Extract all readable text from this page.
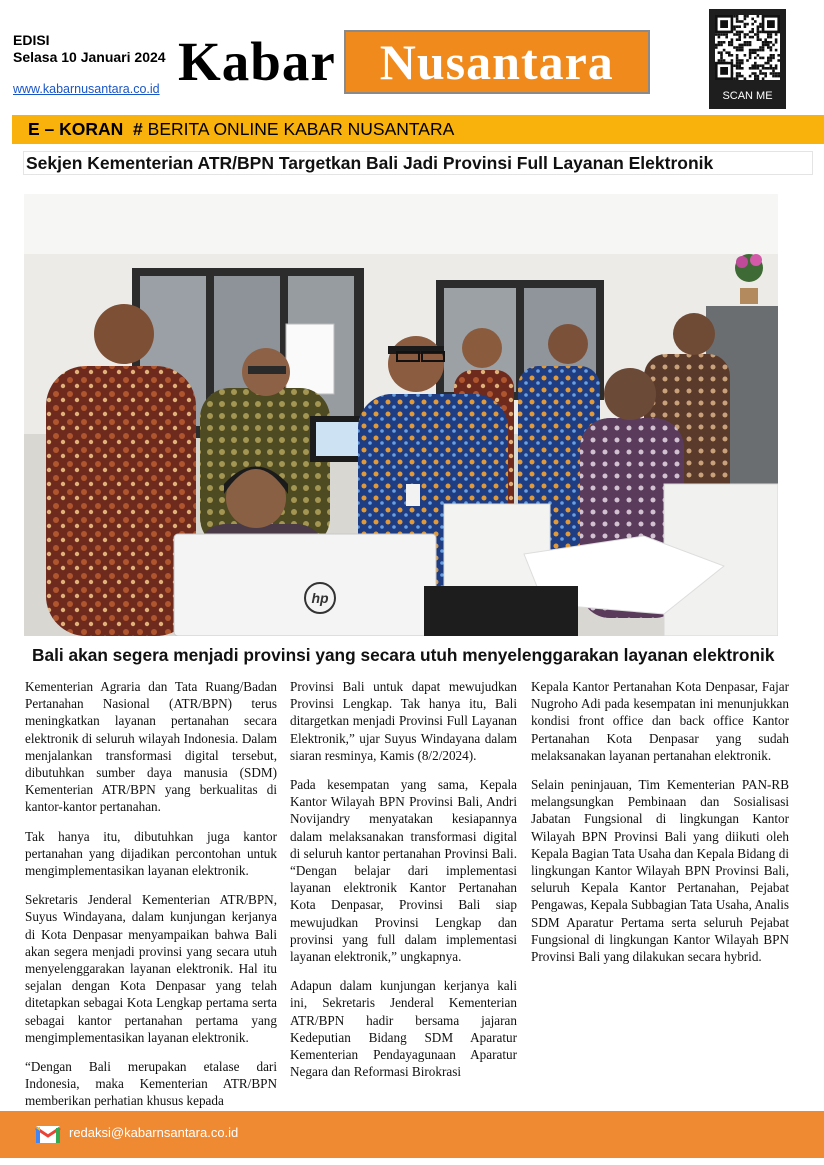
EDISI
Selasa 10 Januari 2024
www.kabarnusantara.co.id Kabar Nusantara
SCAN ME
E – KORAN # BERITA ONLINE KABAR NUSANTARA
Sekjen Kementerian ATR/BPN Targetkan Bali Jadi Provinsi Full Layanan Elektronik
hp
Bali akan segera menjadi provinsi yang secara utuh menyelenggarakan layanan elektronik

Kementerian Agraria dan Tata Ruang/Badan Pertanahan Nasional (ATR/BPN) terus meningkatkan layanan pertanahan secara elektronik di seluruh wilayah Indonesia. Dalam menjalankan transformasi digital tersebut, dibutuhkan sumber daya manusia (SDM) Kementerian ATR/BPN yang berkualitas di kantor-kantor pertanahan.

Tak hanya itu, dibutuhkan juga kantor pertanahan yang dijadikan percontohan untuk mengimplementasikan layanan elektronik.

Sekretaris Jenderal Kementerian ATR/BPN, Suyus Windayana, dalam kunjungan kerjanya di Kota Denpasar menyampaikan bahwa Bali akan segera menjadi provinsi yang secara utuh menyelenggarakan layanan elektronik. Hal itu sejalan dengan Kota Denpasar yang telah ditetapkan sebagai Kota Lengkap pertama serta sebagai kantor pertanahan pertama yang mengimplementasikan layanan elektronik.

“Dengan Bali merupakan etalase dari Indonesia, maka Kementerian ATR/BPN memberikan perhatian khusus kepada

Provinsi Bali untuk dapat mewujudkan Provinsi Lengkap. Tak hanya itu, Bali ditargetkan menjadi Provinsi Full Layanan Elektronik,” ujar Suyus Windayana dalam siaran resminya, Kamis (8/2/2024).

Pada kesempatan yang sama, Kepala Kantor Wilayah BPN Provinsi Bali, Andri Novijandry menyatakan kesiapannya dalam melaksanakan transformasi digital di seluruh kantor pertanahan Provinsi Bali. “Dengan belajar dari implementasi layanan elektronik Kantor Pertanahan Kota Denpasar, Provinsi Bali siap mewujudkan Provinsi Lengkap dan provinsi yang full dalam implementasi layanan elektronik,” ungkapnya.

Adapun dalam kunjungan kerjanya kali ini, Sekretaris Jenderal Kementerian ATR/BPN hadir bersama jajaran Kedeputian Bidang SDM Aparatur Kementerian Pendayagunaan Aparatur Negara dan Reformasi Birokrasi

Kepala Kantor Pertanahan Kota Denpasar, Fajar Nugroho Adi pada kesempatan ini menunjukkan kondisi front office dan back office Kantor Pertanahan Kota Denpasar yang sudah melaksanakan layanan pertanahan elektronik.

Selain peninjauan, Tim Kementerian PAN-RB melangsungkan Pembinaan dan Sosialisasi Jabatan Fungsional di lingkungan Kantor Wilayah BPN Provinsi Bali yang diikuti oleh Kepala Bagian Tata Usaha dan Kepala Bidang di lingkungan Kantor Wilayah BPN Provinsi Bali, seluruh Kepala Kantor Pertanahan, Pejabat Pengawas, Kepala Subbagian Tata Usaha, Analis SDM Aparatur Pertama serta seluruh Pejabat Fungsional di lingkungan Kantor Wilayah BPN Provinsi Bali yang dilakukan secara hybrid.

redaksi@kabarnsantara.co.id
